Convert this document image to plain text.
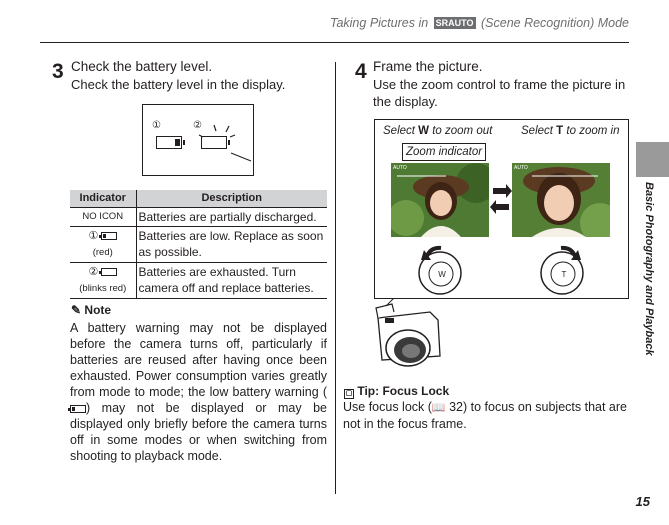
Taking Pictures in SRAUTO (Scene Recognition) Mode
Basic Photography and Playback
3 Check the battery level.
Check the battery level in the display.
①	②
Indicator	Description
NO ICON	Batteries are partially discharged.
①

(red)	Batteries are low. Replace as soon as possible.
②
(blinks red)	Batteries are exhausted. Turn camera off and replace batteries.
✎ Note
A battery warning may not be displayed before the camera turns off, particularly if batteries are reused after having once been exhausted. Power consumption varies greatly from mode to mode; the low battery warning (
) may not be displayed or may be displayed only briefly before the camera turns off in some modes or when switching from shooting to playback mode.
4 Frame the picture.
Use the zoom control to frame the picture in the display.
Select W to zoom out Select T to zoom in
Zoom indicator
AUTO	AUTO
W	T
▢ Tip: Focus Lock
Use focus lock (📖 32) to focus on subjects that are not in the focus frame.
15
